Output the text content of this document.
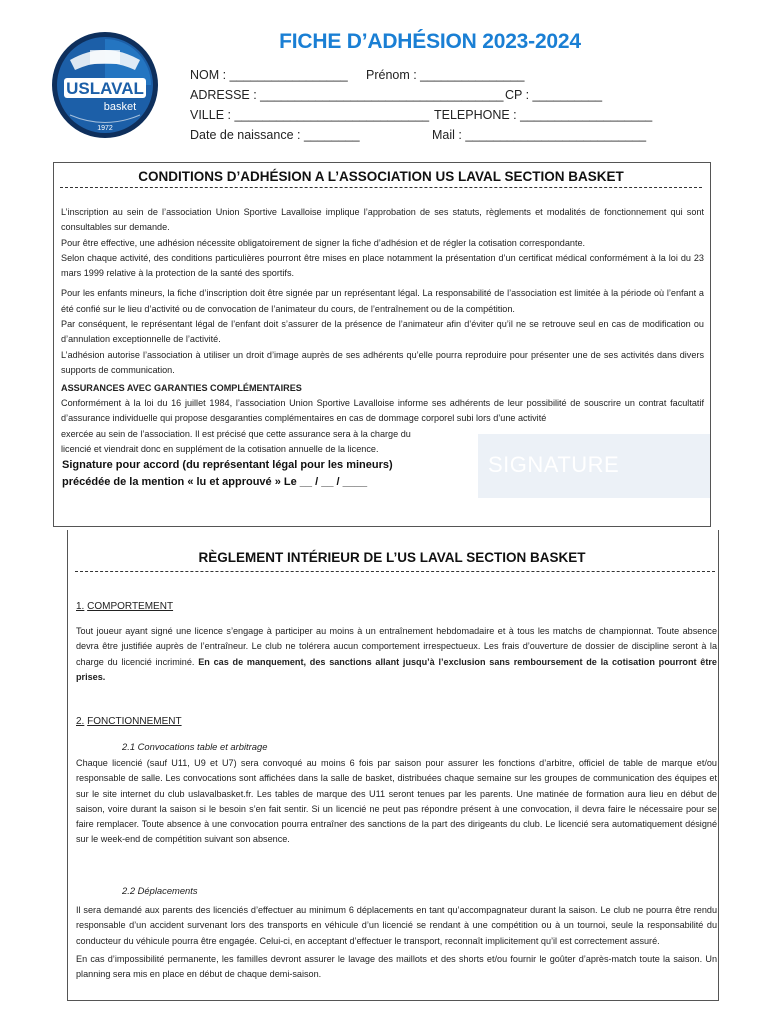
USLAVAL
basket
1972
FICHE D’ADHÉSION 2023-2024
NOM : _________________ Prénom : _______________
ADRESSE : ___________________________________ CP : __________
VILLE : ____________________________ TELEPHONE : ___________________
Date de naissance : ________	Mail : __________________________
CONDITIONS D’ADHÉSION A L’ASSOCIATION US LAVAL SECTION BASKET

L’inscription au sein de l’association Union Sportive Lavalloise implique l’approbation de ses statuts, règlements et modalités de fonctionnement qui sont consultables sur demande.

Pour être effective, une adhésion nécessite obligatoirement de signer la fiche d’adhésion et de régler la cotisation correspondante.

Selon chaque activité, des conditions particulières pourront être mises en place notamment la présentation d’un certificat médical conformément à la loi du 23 mars 1999 relative à la protection de la santé des sportifs.

Pour les enfants mineurs, la fiche d’inscription doit être signée par un représentant légal. La responsabilité de l’association est limitée à la période où l’enfant a été confié sur le lieu d’activité ou de convocation de l’animateur du cours, de l’entraînement ou de la compétition.

Par conséquent, le représentant légal de l’enfant doit s’assurer de la présence de l’animateur afin d’éviter qu’il ne se retrouve seul en cas de modification ou d’annulation exceptionnelle de l’activité.

L’adhésion autorise l’association à utiliser un droit d’image auprès de ses adhérents qu’elle pourra reproduire pour présenter une de ses activités dans divers supports de communication.

ASSURANCES AVEC GARANTIES COMPLÉMENTAIRES

Conformément à la loi du 16 juillet 1984, l’association Union Sportive Lavalloise informe ses adhérents de leur possibilité de souscrire un contrat facultatif d’assurance individuelle qui propose desgaranties complémentaires en cas de dommage corporel subi lors d’une activité

exercée au sein de l’association. Il est précisé que cette assurance sera à la charge du

licencié et viendrait donc en supplément de la cotisation annuelle de la licence.

Signature pour accord (du représentant légal pour les mineurs)
précédée de la mention « lu et approuvé » Le __ / __ / ____
SIGNATURE
RÈGLEMENT INTÉRIEUR DE L’US LAVAL SECTION BASKET
1. COMPORTEMENT
Tout joueur ayant signé une licence s’engage à participer au moins à un entraînement hebdomadaire et à tous les matchs de championnat. Toute absence devra être justifiée auprès de l’entraîneur. Le club ne tolérera aucun comportement irrespectueux. Les frais d’ouverture de dossier de discipline seront à la charge du licencié incriminé. En cas de manquement, des sanctions allant jusqu’à l’exclusion sans remboursement de la cotisation pourront être prises.
2. FONCTIONNEMENT
2.1 Convocations table et arbitrage
Chaque licencié (sauf U11, U9 et U7) sera convoqué au moins 6 fois par saison pour assurer les fonctions d’arbitre, officiel de table de marque et/ou responsable de salle. Les convocations sont affichées dans la salle de basket, distribuées chaque semaine sur les groupes de communication des équipes et sur le site internet du club uslavalbasket.fr. Les tables de marque des U11 seront tenues par les parents. Une matinée de formation aura lieu en début de saison, voire durant la saison si le besoin s’en fait sentir. Si un licencié ne peut pas répondre présent à une convocation, il devra faire le nécessaire pour se faire remplacer. Toute absence à une convocation pourra entraîner des sanctions de la part des dirigeants du club. Le licencié sera automatiquement désigné sur le week-end de compétition suivant son absence.
2.2 Déplacements

Il sera demandé aux parents des licenciés d’effectuer au minimum 6 déplacements en tant qu’accompagnateur durant la saison. Le club ne pourra être rendu responsable d’un accident survenant lors des transports en véhicule d’un licencié se rendant à une compétition ou à un tournoi, seule la responsabilité du conducteur du véhicule pourra être engagée. Celui-ci, en acceptant d’effectuer le transport, reconnaît implicitement qu’il est correctement assuré.

En cas d’impossibilité permanente, les familles devront assurer le lavage des maillots et des shorts et/ou fournir le goûter d’après-match toute la saison. Un planning sera mis en place en début de chaque demi-saison.
